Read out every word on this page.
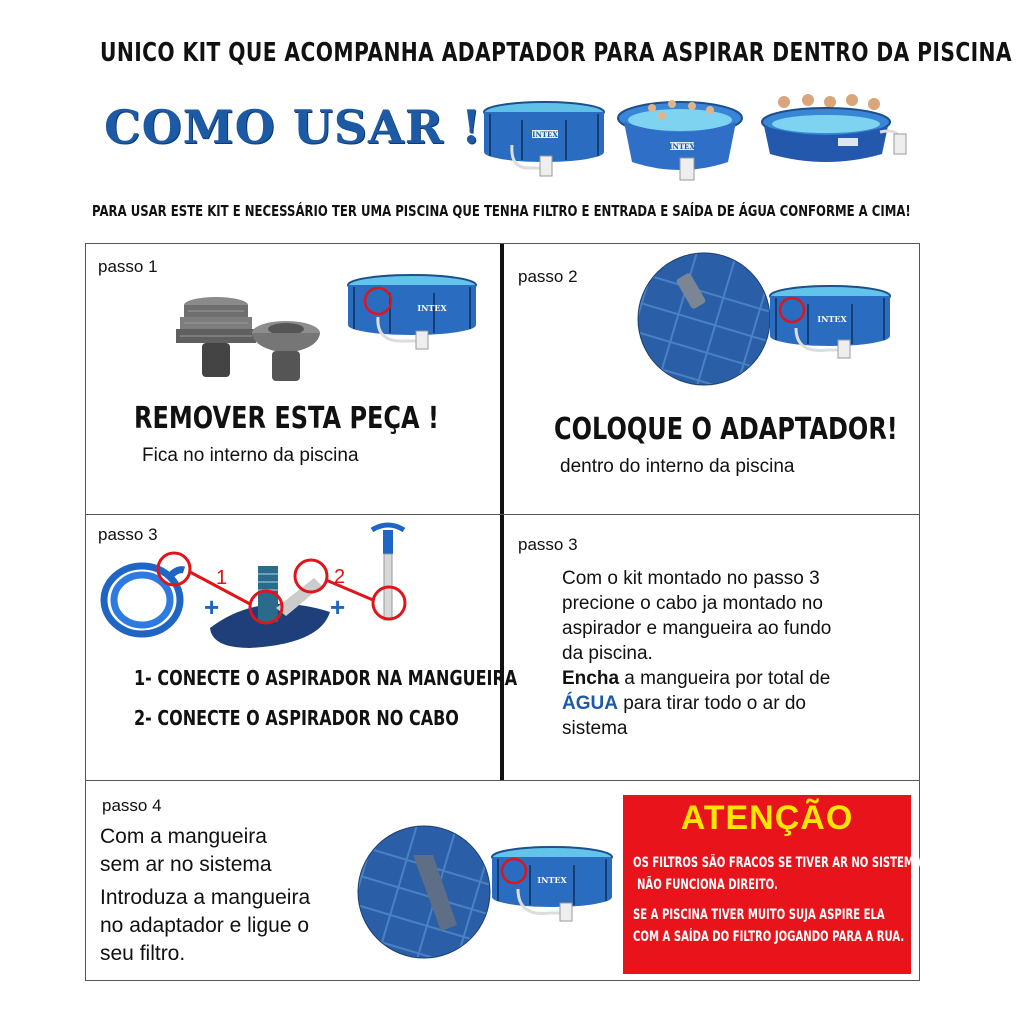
UNICO KIT QUE ACOMPANHA ADAPTADOR PARA ASPIRAR DENTRO DA PISCINA
COMO USAR !	INTEX
INTEX
PARA USAR ESTE KIT E NECESSÁRIO TER UMA PISCINA QUE TENHA FILTRO E ENTRADA E SAÍDA DE ÁGUA CONFORME A CIMA!
passo 1
INTEX
REMOVER ESTA PEÇA !
Fica no interno da piscina
passo 2
INTEX
COLOQUE O ADAPTADOR!
dentro do interno da piscina
passo 3
1	2
+	+
1- CONECTE O ASPIRADOR NA MANGUEIRA
2- CONECTE O ASPIRADOR NO CABO
passo 3
Com o kit montado no passo 3
precione o cabo ja montado no
aspirador e mangueira ao fundo
da piscina.
Encha a mangueira por total de
ÁGUA para tirar todo o ar do
sistema
passo 4
Com a mangueira
sem ar no sistema
Introduza a mangueira
no adaptador e ligue o
seu filtro.
INTEX
ATENÇÃO
OS FILTROS SÃO FRACOS SE TIVER AR NO SISTEMA
NÃO FUNCIONA DIREITO.
SE A PISCINA TIVER MUITO SUJA ASPIRE ELA
COM A SAÍDA DO FILTRO JOGANDO PARA A RUA.
